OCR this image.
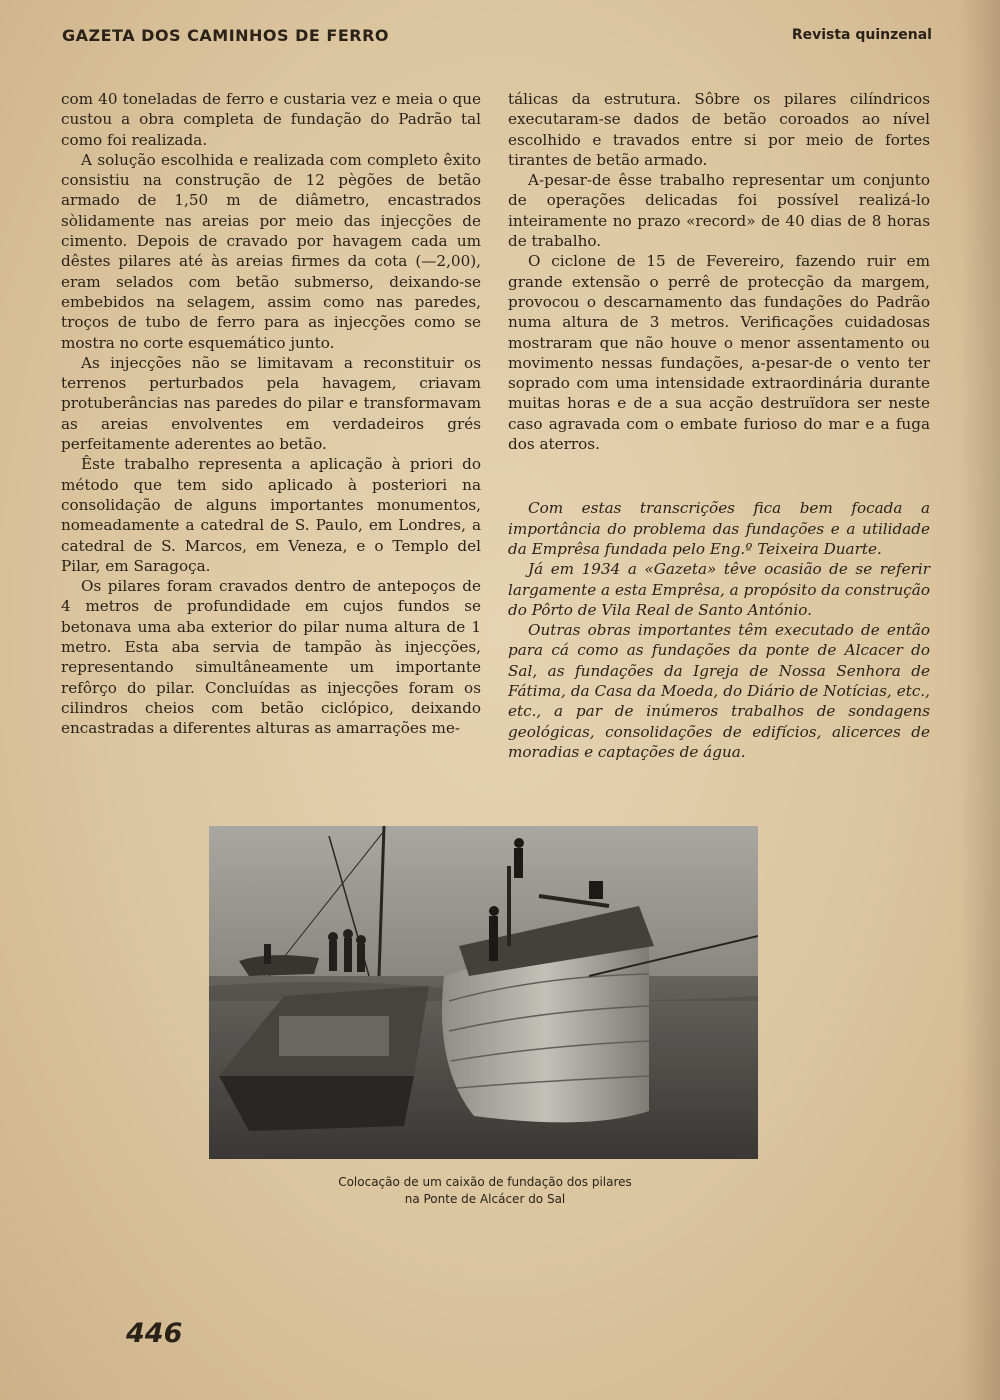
GAZETA DOS CAMINHOS DE FERRO	Revista quinzenal

com 40 toneladas de ferro e custaria vez e meia o que custou a obra completa de fundação do Padrão tal como foi realizada.

A solução escolhida e realizada com completo êxito consistiu na construção de 12 pègões de betão armado de 1,50 m de diâmetro, encastrados sòlidamente nas areias por meio das injecções de cimento. Depois de cravado por havagem cada um dêstes pilares até às areias firmes da cota (—2,00), eram selados com betão submerso, deixando-se embebidos na selagem, assim como nas paredes, troços de tubo de ferro para as injecções como se mostra no corte esquemático junto.

As injecções não se limitavam a reconstituir os terrenos perturbados pela havagem, criavam protuberâncias nas paredes do pilar e transformavam as areias envolventes em verdadeiros grés perfeitamente aderentes ao betão.

Êste trabalho representa a aplicação à priori do método que tem sido aplicado à posteriori na consolidação de alguns importantes monumentos, nomeadamente a catedral de S. Paulo, em Londres, a catedral de S. Marcos, em Veneza, e o Templo del Pilar, em Saragoça.

Os pilares foram cravados dentro de antepoços de 4 metros de profundidade em cujos fundos se betonava uma aba exterior do pilar numa altura de 1 metro. Esta aba servia de tampão às injecções, representando simultâneamente um importante refôrço do pilar. Concluídas as injecções foram os cilindros cheios com betão ciclópico, deixando encastradas a diferentes alturas as amarrações me-

tálicas da estrutura. Sôbre os pilares cilíndricos executaram-se dados de betão coroados ao nível escolhido e travados entre si por meio de fortes tirantes de betão armado.

A-pesar-de êsse trabalho representar um conjunto de operações delicadas foi possível realizá-lo inteiramente no prazo «record» de 40 dias de 8 horas de trabalho.

O ciclone de 15 de Fevereiro, fazendo ruir em grande extensão o perrê de protecção da margem, provocou o descarnamento das fundações do Padrão numa altura de 3 metros. Verificações cuidadosas mostraram que não houve o menor assentamento ou movimento nessas fundações, a-pesar-de o vento ter soprado com uma intensidade extraordinária durante muitas horas e de a sua acção destruïdora ser neste caso agravada com o embate furioso do mar e a fuga dos aterros.

Com estas transcrições fica bem focada a importância do problema das fundações e a utilidade da Emprêsa fundada pelo Eng.º Teixeira Duarte.

Já em 1934 a «Gazeta» têve ocasião de se referir largamente a esta Emprêsa, a propósito da construção do Pôrto de Vila Real de Santo António.

Outras obras importantes têm executado de então para cá como as fundações da ponte de Alcacer do Sal, as fundações da Igreja de Nossa Senhora de Fátima, da Casa da Moeda, do Diário de Notícias, etc., etc., a par de inúmeros trabalhos de sondagens geológicas, consolidações de edifícios, alicerces de moradias e captações de água.

Colocação de um caixão de fundação dos pilares
na Ponte de Alcácer do Sal
446
